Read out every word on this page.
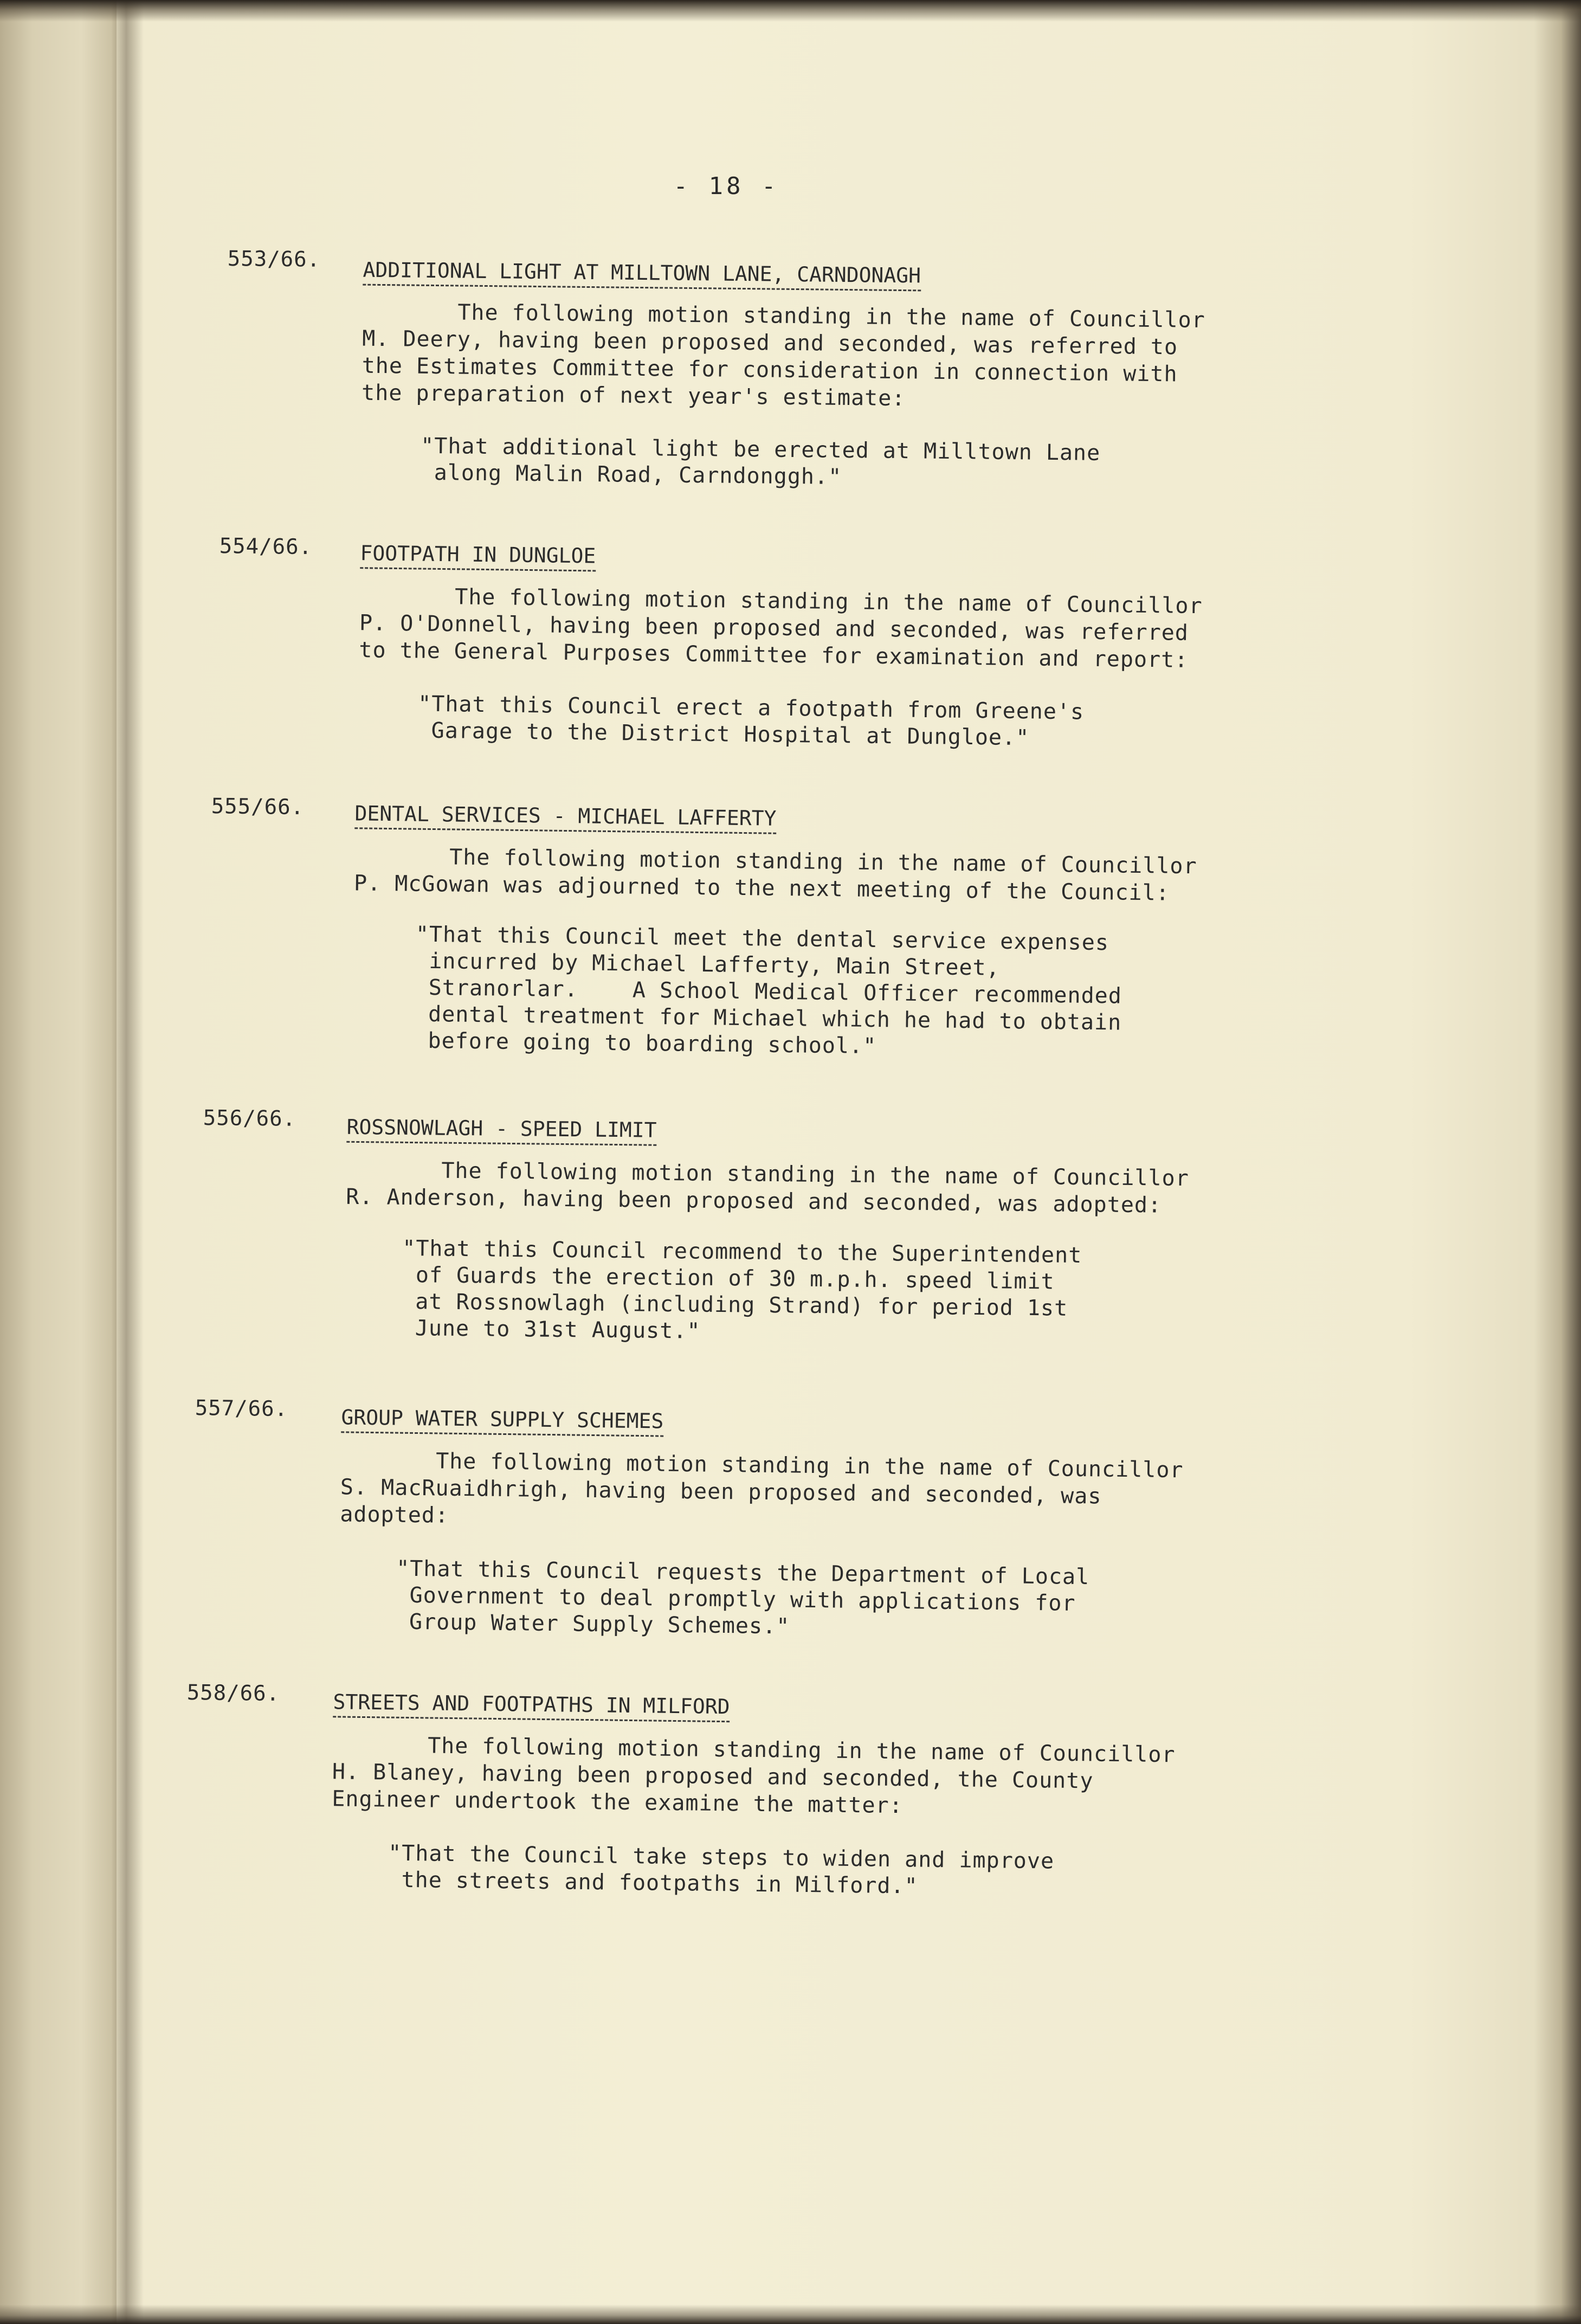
- 18 -
553/66. ADDITIONAL LIGHT AT MILLTOWN LANE, CARNDONAGH
The following motion standing in the name of Councillor
M. Deery, having been proposed and seconded, was referred to
the Estimates Committee for consideration in connection with
the preparation of next year's estimate:
"That additional light be erected at Milltown Lane
along Malin Road, Carndonggh."
554/66. FOOTPATH IN DUNGLOE
The following motion standing in the name of Councillor
P. O'Donnell, having been proposed and seconded, was referred
to the General Purposes Committee for examination and report:
"That this Council erect a footpath from Greene's
Garage to the District Hospital at Dungloe."
555/66. DENTAL SERVICES - MICHAEL LAFFERTY
The following motion standing in the name of Councillor
P. McGowan was adjourned to the next meeting of the Council:
"That this Council meet the dental service expenses
incurred by Michael Lafferty, Main Street,
Stranorlar.    A School Medical Officer recommended
dental treatment for Michael which he had to obtain
before going to boarding school."
556/66. ROSSNOWLAGH - SPEED LIMIT
The following motion standing in the name of Councillor
R. Anderson, having been proposed and seconded, was adopted:
"That this Council recommend to the Superintendent
of Guards the erection of 30 m.p.h. speed limit
at Rossnowlagh (including Strand) for period 1st
June to 31st August."
557/66.	GROUP WATER SUPPLY SCHEMES
The following motion standing in the name of Councillor
S. MacRuaidhrigh, having been proposed and seconded, was
adopted:
"That this Council requests the Department of Local
Government to deal promptly with applications for
Group Water Supply Schemes."
558/66.	STREETS AND FOOTPATHS IN MILFORD
The following motion standing in the name of Councillor
H. Blaney, having been proposed and seconded, the County
Engineer undertook the examine the matter:
"That the Council take steps to widen and improve
the streets and footpaths in Milford."
